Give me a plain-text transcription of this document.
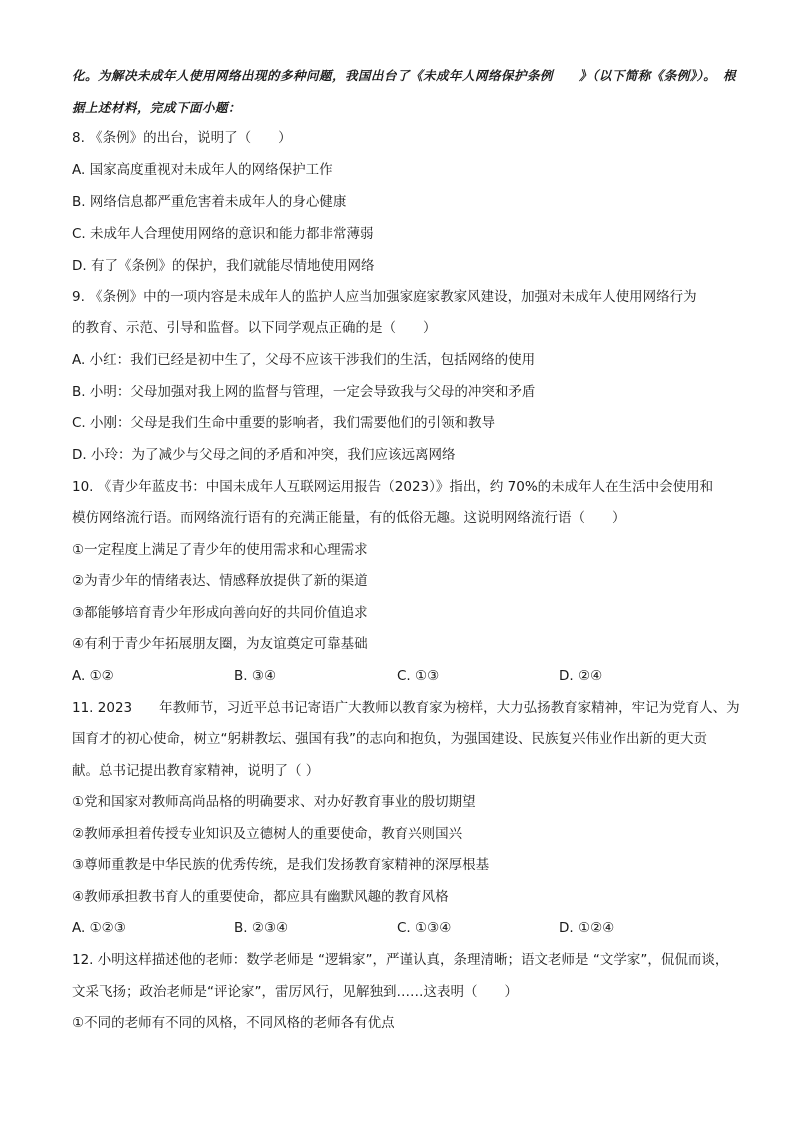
化。为解决未成年人使用网络出现的多种问题，我国出台了《未成年人网络保护条例　　》（以下简称《条例》）。　根
据上述材料，完成下面小题：
8. 《条例》的出台，说明了（　　）
A. 国家高度重视对未成年人的网络保护工作
B. 网络信息都严重危害着未成年人的身心健康
C. 未成年人合理使用网络的意识和能力都非常薄弱
D. 有了《条例》的保护，我们就能尽情地使用网络
9. 《条例》中的一项内容是未成年人的监护人应当加强家庭家教家风建设，加强对未成年人使用网络行为
的教育、示范、引导和监督。以下同学观点正确的是（　　）
A. 小红：我们已经是初中生了，父母不应该干涉我们的生活，包括网络的使用
B. 小明：父母加强对我上网的监督与管理，一定会导致我与父母的冲突和矛盾
C. 小刚：父母是我们生命中重要的影响者，我们需要他们的引领和教导
D. 小玲：为了减少与父母之间的矛盾和冲突，我们应该远离网络
10. 《青少年蓝皮书：中国未成年人互联网运用报告（2023）》指出，约 70%的未成年人在生活中会使用和
模仿网络流行语。而网络流行语有的充满正能量，有的低俗无趣。这说明网络流行语（　　）
①一定程度上满足了青少年的使用需求和心理需求
②为青少年的情绪表达、情感释放提供了新的渠道
③都能够培育青少年形成向善向好的共同价值追求
④有利于青少年拓展朋友圈，为友谊奠定可靠基础
A. ①②	B. ③④	C. ①③	D. ②④
11. 2023　　年教师节，习近平总书记寄语广大教师以教育家为榜样，大力弘扬教育家精神，牢记为党育人、为
国育才的初心使命，树立“躬耕教坛、强国有我”的志向和抱负，为强国建设、民族复兴伟业作出新的更大贡
献。总书记提出教育家精神，说明了（ ）
①党和国家对教师高尚品格的明确要求、对办好教育事业的殷切期望
②教师承担着传授专业知识及立德树人的重要使命，教育兴则国兴
③尊师重教是中华民族的优秀传统，是我们发扬教育家精神的深厚根基
④教师承担教书育人的重要使命，都应具有幽默风趣的教育风格
A. ①②③	B. ②③④	C. ①③④	D. ①②④
12. 小明这样描述他的老师：数学老师是 “逻辑家”，严谨认真，条理清晰；语文老师是 “文学家”，侃侃而谈，
文采飞扬；政治老师是“评论家”，雷厉风行，见解独到……这表明（　　）
①不同的老师有不同的风格，不同风格的老师各有优点
